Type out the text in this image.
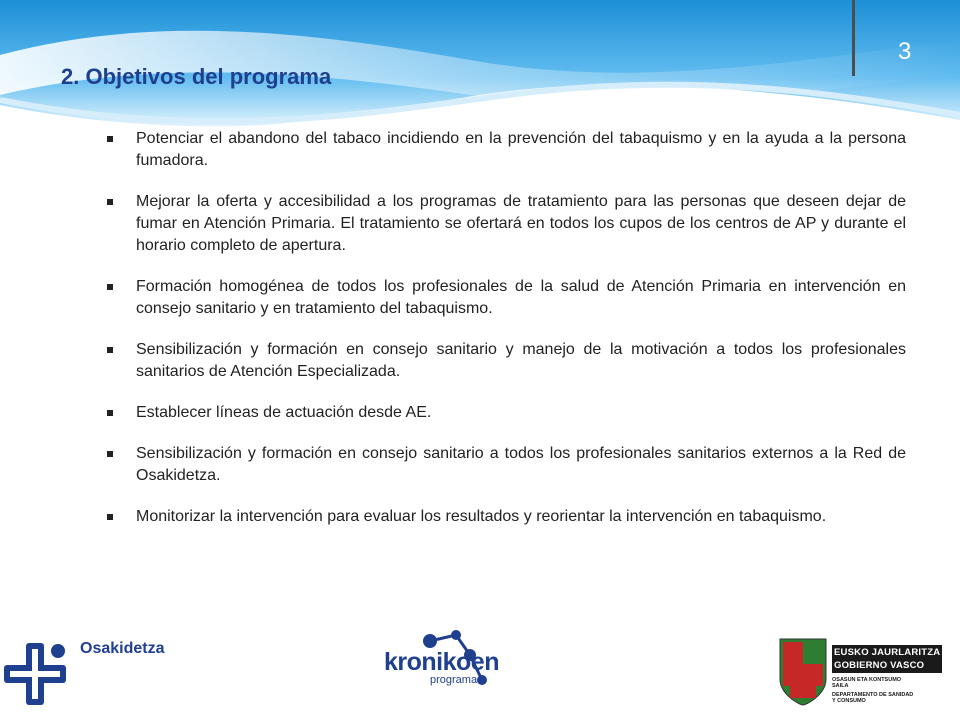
3
2. Objetivos del programa
Potenciar el abandono del tabaco incidiendo en la prevención del tabaquismo y en la ayuda a la persona fumadora.
Mejorar la oferta y accesibilidad a los programas de tratamiento para las personas que deseen dejar de fumar en Atención Primaria. El tratamiento se ofertará en todos los cupos de los centros de AP y durante el horario completo de apertura.
Formación homogénea de todos los profesionales de la salud de Atención Primaria en intervención en consejo sanitario y en tratamiento del tabaquismo.
Sensibilización y formación en consejo sanitario y manejo de la motivación a todos los profesionales sanitarios de Atención Especializada.
Establecer líneas de actuación desde AE.
Sensibilización y formación en consejo sanitario a todos los profesionales sanitarios externos a la Red de Osakidetza.
Monitorizar la intervención para evaluar los resultados y reorientar la intervención en tabaquismo.
Osakidetza	kronikoen
programa
EUSKO JAURLARITZA
GOBIERNO VASCO
OSASUN ETA KONTSUMO
SAILA
DEPARTAMENTO DE SANIDAD
Y CONSUMO
